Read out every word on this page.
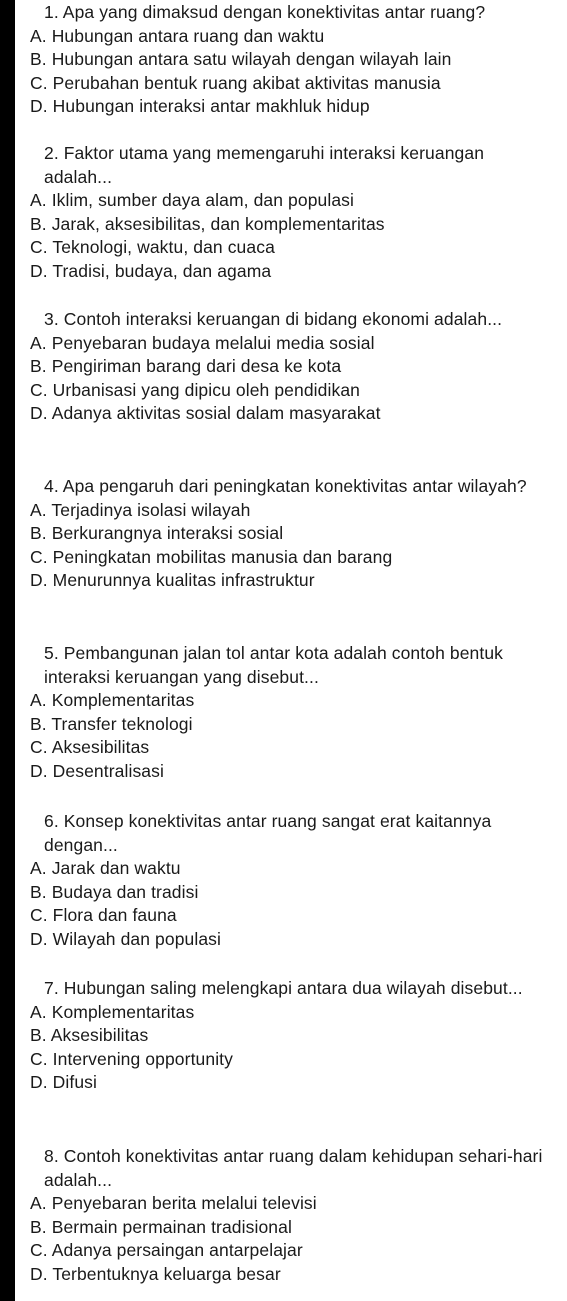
1. Apa yang dimaksud dengan konektivitas antar ruang?

A. Hubungan antara ruang dan waktu
B. Hubungan antara satu wilayah dengan wilayah lain
C. Perubahan bentuk ruang akibat aktivitas manusia
D. Hubungan interaksi antar makhluk hidup

2. Faktor utama yang memengaruhi interaksi keruangan adalah...

A. Iklim, sumber daya alam, dan populasi
B. Jarak, aksesibilitas, dan komplementaritas
C. Teknologi, waktu, dan cuaca
D. Tradisi, budaya, dan agama

3. Contoh interaksi keruangan di bidang ekonomi adalah...

A. Penyebaran budaya melalui media sosial
B. Pengiriman barang dari desa ke kota
C. Urbanisasi yang dipicu oleh pendidikan
D. Adanya aktivitas sosial dalam masyarakat

4. Apa pengaruh dari peningkatan konektivitas antar wilayah?

A. Terjadinya isolasi wilayah
B. Berkurangnya interaksi sosial
C. Peningkatan mobilitas manusia dan barang
D. Menurunnya kualitas infrastruktur

5. Pembangunan jalan tol antar kota adalah contoh bentuk interaksi keruangan yang disebut...

A. Komplementaritas
B. Transfer teknologi
C. Aksesibilitas
D. Desentralisasi

6. Konsep konektivitas antar ruang sangat erat kaitannya dengan...

A. Jarak dan waktu
B. Budaya dan tradisi
C. Flora dan fauna
D. Wilayah dan populasi

7. Hubungan saling melengkapi antara dua wilayah disebut...

A. Komplementaritas
B. Aksesibilitas
C. Intervening opportunity
D. Difusi

8. Contoh konektivitas antar ruang dalam kehidupan sehari-hari adalah...

A. Penyebaran berita melalui televisi
B. Bermain permainan tradisional
C. Adanya persaingan antarpelajar
D. Terbentuknya keluarga besar
